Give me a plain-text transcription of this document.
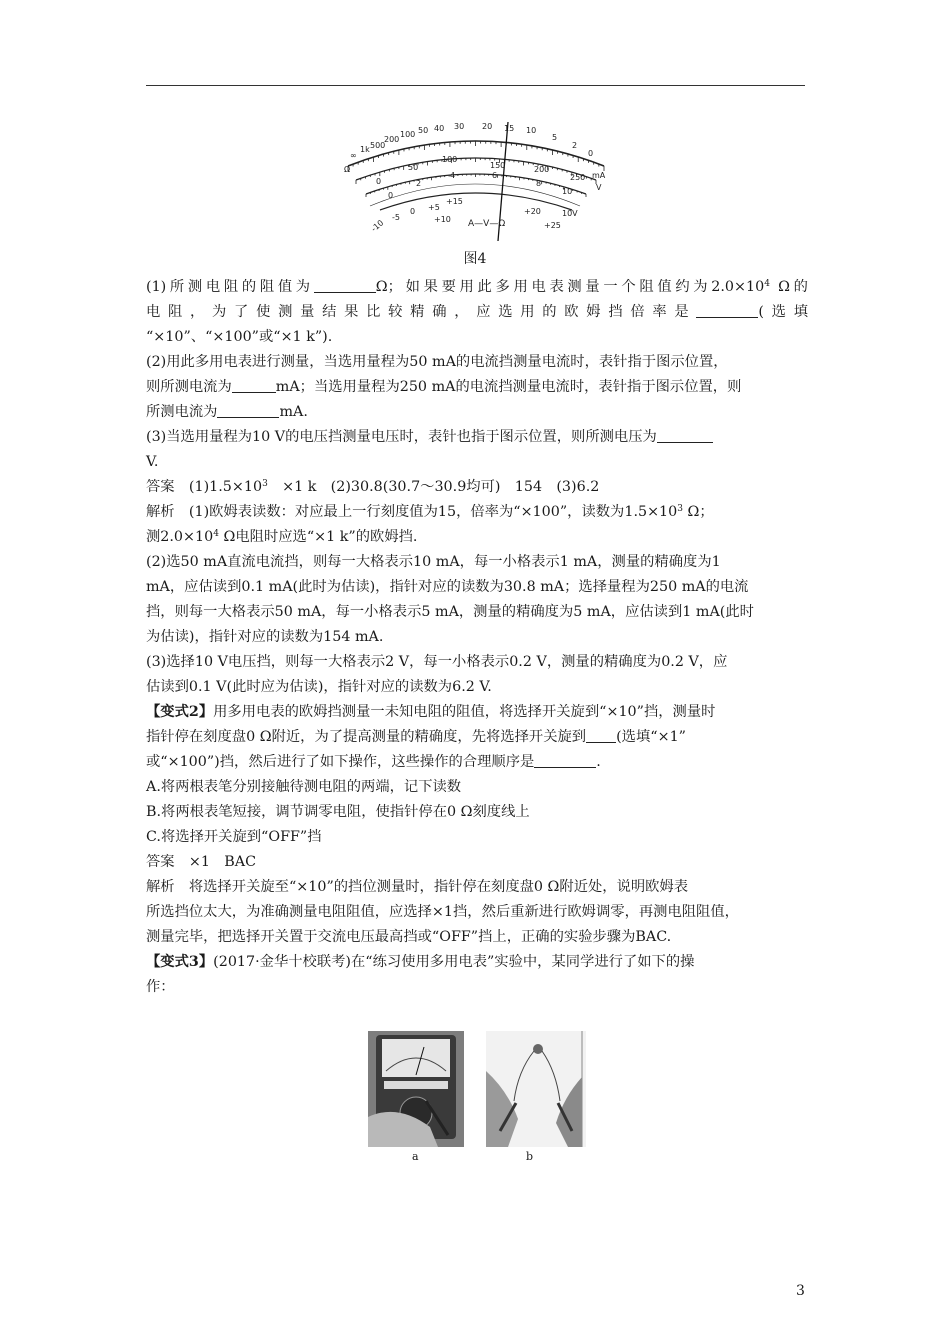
∞
1k 500
200
100 50 40 30 20 15 10
5
2
0
Ω
0
50
100
150	200
250
V
mA
0
2
4	6
8
10
-10
-5
0 +5
+10
+15
+20
+25
10V
A—V—Ω
图4

(1)所测电阻的阻值为	Ω；如果要用此多用电表测量一个阻值约为$2.0\times 10^4$ Ω的

电阻，为了使测量结果比较精确，应选用的欧姆挡倍率是	(选填

“×10”、“×100”或“×1 k”).

(2)用此多用电表进行测量，当选用量程为50 mA的电流挡测量电流时，表针指于图示位置，

则所测电流为	mA；当选用量程为250 mA的电流挡测量电流时，表针指于图示位置，则

所测电流为	mA.

(3)当选用量程为10 V的电压挡测量电压时，表针也指于图示位置，则所测电压为

V.

答案　$(1)1.5\times 10^3$　×1 k　(2)30.8(30.7～30.9均可)　154　(3)6.2

解析　(1)欧姆表读数：对应最上一行刻度值为15，倍率为“×100”，读数为$1.5\times 10^3$ Ω；

测$2.0\times 10^4$ Ω电阻时应选“×1 k”的欧姆挡.

(2)选50 mA直流电流挡，则每一大格表示10 mA，每一小格表示1 mA，测量的精确度为1

mA，应估读到0.1 mA(此时为估读)，指针对应的读数为30.8 mA；选择量程为250 mA的电流

挡，则每一大格表示50 mA，每一小格表示5 mA，测量的精确度为5 mA，应估读到1 mA(此时

为估读)，指针对应的读数为154 mA.

(3)选择10 V电压挡，则每一大格表示2 V，每一小格表示0.2 V，测量的精确度为0.2 V，应

估读到0.1 V(此时应为估读)，指针对应的读数为6.2 V.

【变式2】用多用电表的欧姆挡测量一未知电阻的阻值，将选择开关旋到“×10”挡，测量时

指针停在刻度盘0 Ω附近，为了提高测量的精确度，先将选择开关旋到 (选填“×1”

或“×100”)挡，然后进行了如下操作，这些操作的合理顺序是	.

A.将两根表笔分别接触待测电阻的两端，记下读数

B.将两根表笔短接，调节调零电阻，使指针停在0 Ω刻度线上

C.将选择开关旋到“OFF”挡

答案　×1　BAC

解析　将选择开关旋至“×10”的挡位测量时，指针停在刻度盘0 Ω附近处，说明欧姆表

所选挡位太大，为准确测量电阻阻值，应选择×1挡，然后重新进行欧姆调零，再测电阻阻值，

测量完毕，把选择开关置于交流电压最高挡或“OFF”挡上，正确的实验步骤为BAC.

【变式3】(2017·金华十校联考)在“练习使用多用电表”实验中，某同学进行了如下的操

作：

a	b
3
